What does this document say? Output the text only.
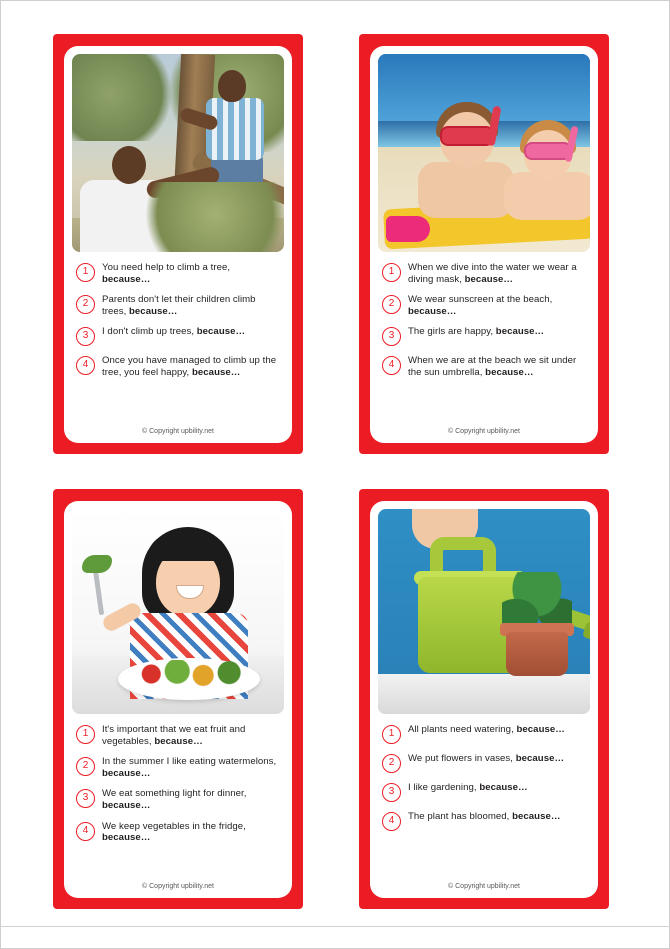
1	You need help to climb a tree, because…
2	Parents don't let their children climb trees, because…
3	I don't climb up trees, because…
4	Once you have managed to climb up the tree, you feel happy, because…
© Copyright upbility.net
1	When we dive into the water we wear a diving mask, because…
2	We wear sunscreen at the beach, because…
3	The girls are happy, because…
4	When we are at the beach we sit under the sun umbrella, because…
© Copyright upbility.net
1	It's important that we eat fruit and vegetables, because…
2	In the summer I like eating watermelons, because…
3	We eat something light for dinner, because…
4	We keep vegetables in the fridge, because…
© Copyright upbility.net
1	All plants need watering, because…
2	We put flowers in vases, because…
3	I like gardening, because…
4	The plant has bloomed, because…
© Copyright upbility.net
